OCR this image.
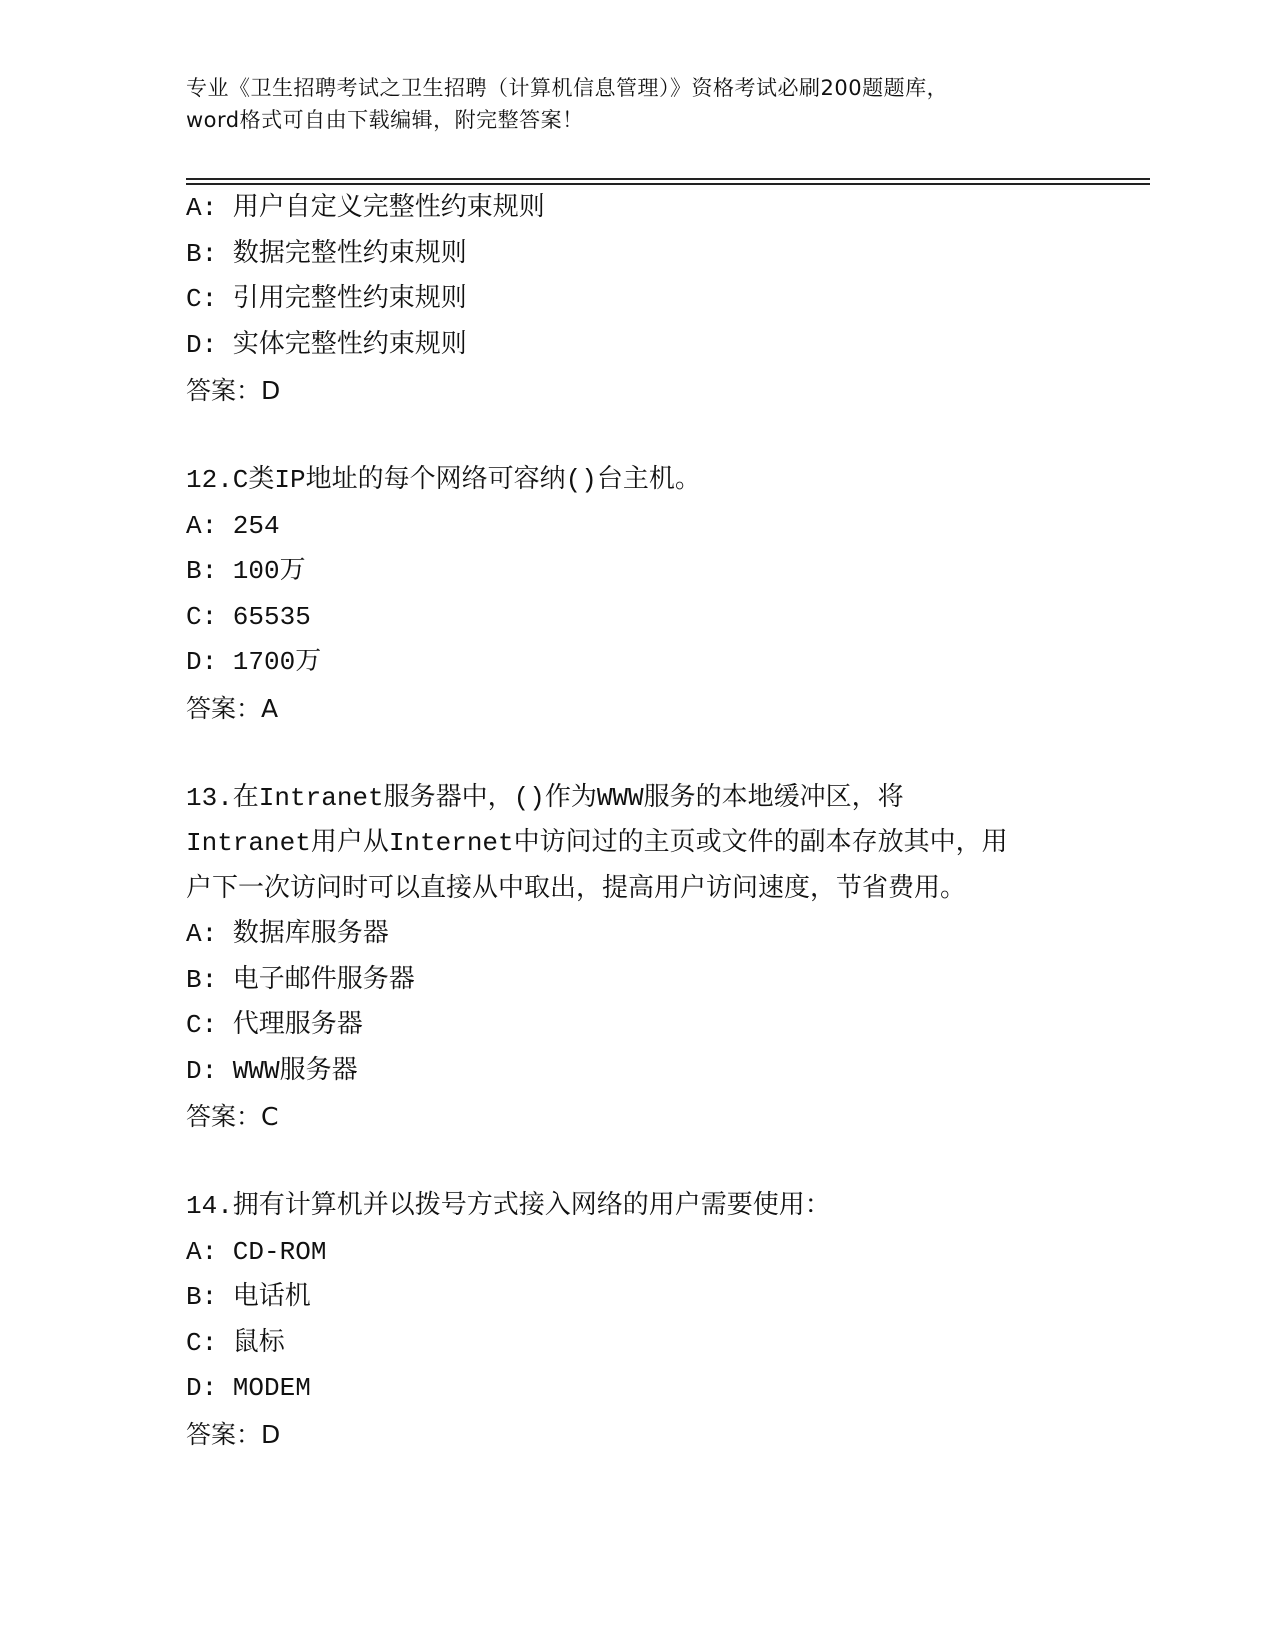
专业《卫生招聘考试之卫生招聘（计算机信息管理）》资格考试必刷200题题库，

word格式可自由下载编辑，附完整答案！

A: 用户自定义完整性约束规则
B: 数据完整性约束规则
C: 引用完整性约束规则
D: 实体完整性约束规则
答案：D
12.C类IP地址的每个网络可容纳()台主机。
A: 254
B: 100万
C: 65535
D: 1700万
答案：A
13.在Intranet服务器中，()作为WWW服务的本地缓冲区，将
Intranet用户从Internet中访问过的主页或文件的副本存放其中，用
户下一次访问时可以直接从中取出，提高用户访问速度，节省费用。
A: 数据库服务器
B: 电子邮件服务器
C: 代理服务器
D: WWW服务器
答案：C
14.拥有计算机并以拨号方式接入网络的用户需要使用：
A: CD-ROM
B: 电话机
C: 鼠标
D: MODEM
答案：D
